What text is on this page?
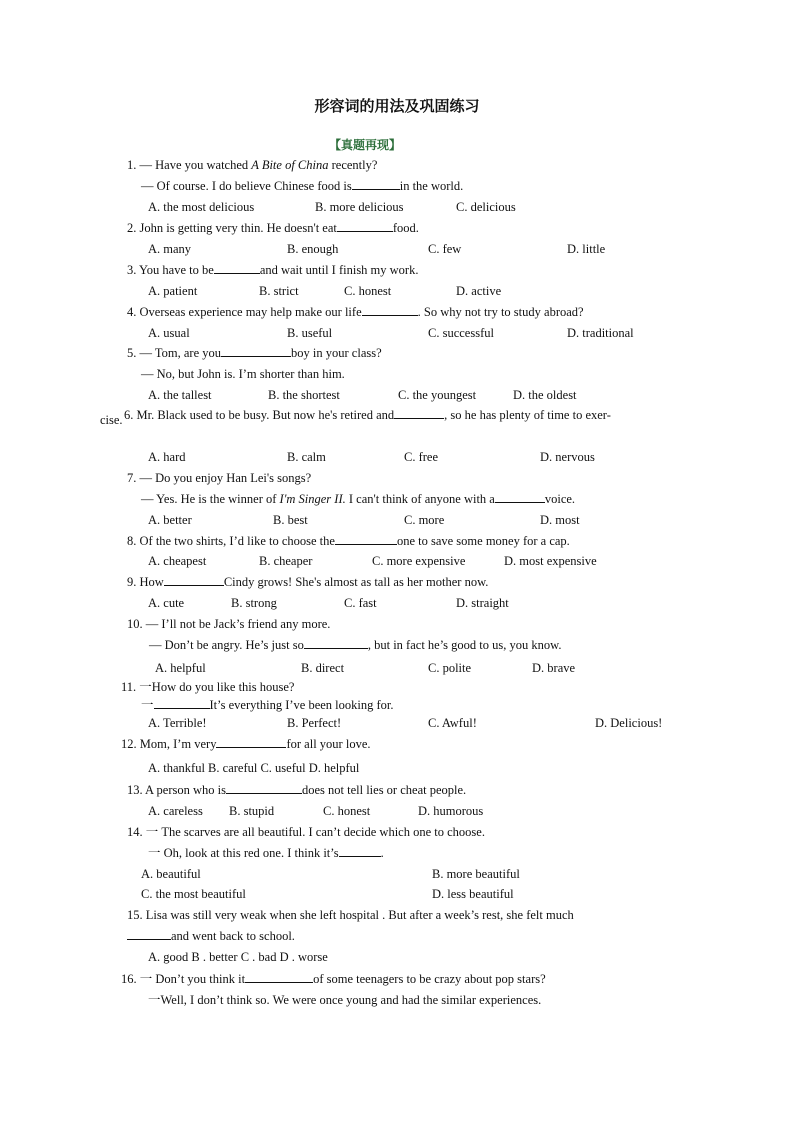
形容词的用法及巩固练习
【真题再现】
1. — Have you watched A Bite of China recently?
— Of course. I do believe Chinese food is	in the world.
A. the most delicious	B. more delicious	C. delicious
2. John is getting very thin. He doesn't eat	food.
A. many	B. enough	C. few	D. little
3. You have to be	and wait until I finish my work.
A. patient	B. strict	C. honest	D. active
4. Overseas experience may help make our life	. So why not try to study abroad?
A. usual	B. useful	C. successful	D. traditional
5. — Tom, are you	boy in your class?
— No, but John is. I’m shorter than him.
A. the tallest	B. the shortest	C. the youngest	D. the oldest
cise. 6. Mr. Black used to be busy. But now he's retired and	, so he has plenty of time to exer-
A. hard	B. calm	C. free	D. nervous
7. — Do you enjoy Han Lei's songs?
— Yes. He is the winner of I'm Singer II. I can't think of anyone with a	voice.
A. better	B. best	C. more	D. most
8. Of the two shirts, I’d like to choose the	one to save some money for a cap.
A. cheapest	B. cheaper	C. more expensive	D. most expensive
9. How	Cindy grows! She's almost as tall as her mother now.
A. cute	B. strong	C. fast	D. straight
10. — I’ll not be Jack’s friend any more.
— Don’t be angry. He’s just so	, but in fact he’s good to us, you know.
A. helpful	B. direct	C. polite	D. brave
11. 一How do you like this house?
一	It’s everything I’ve been looking for.
A. Terrible!	B. Perfect!	C. Awful!	D. Delicious!
12. Mom, I’m very	for all your love.
A. thankful B. careful C. useful D. helpful
13. A person who is	does not tell lies or cheat people.
A. careless B. stupid	C. honest	D. humorous
14. 一 The scarves are all beautiful. I can’t decide which one to choose.
一 Oh, look at this red one. I think it’s	.
A. beautiful	B. more beautiful
C. the most beautiful	D. less beautiful
15. Lisa was still very weak when she left hospital . But after a week’s rest, she felt much
and went back to school.
A. good B . better C . bad D . worse
16. 一 Don’t you think it	of some teenagers to be crazy about pop stars?
一Well, I don’t think so. We were once young and had the similar experiences.
